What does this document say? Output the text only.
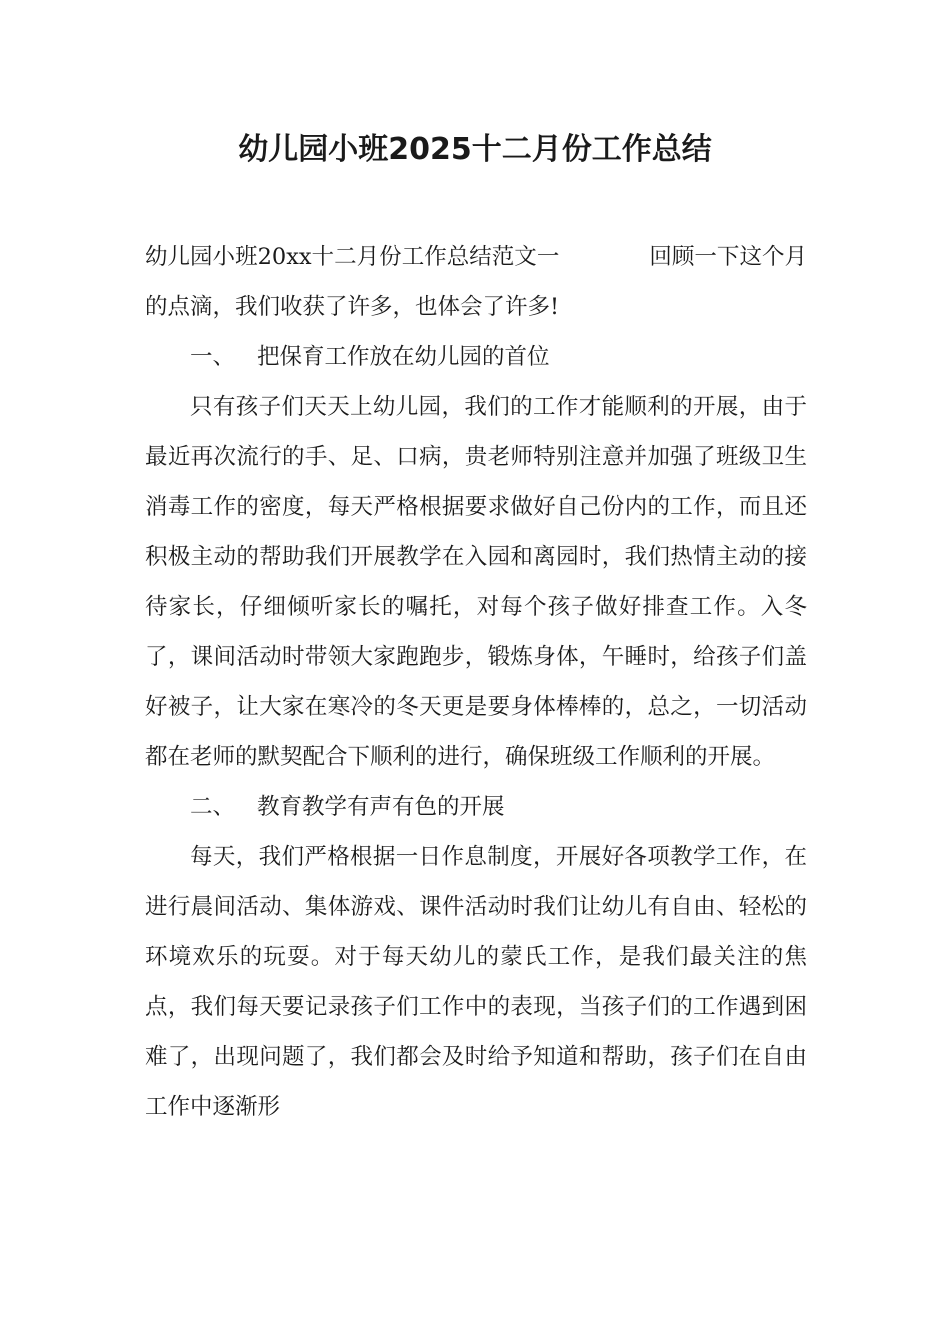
幼儿园小班2025十二月份工作总结

幼儿园小班20xx十二月份工作总结范文一	回顾一下这个月的点滴，我们收获了许多，也体会了许多!

一、 把保育工作放在幼儿园的首位

只有孩子们天天上幼儿园，我们的工作才能顺利的开展，由于最近再次流行的手、足、口病，贵老师特别注意并加强了班级卫生消毒工作的密度，每天严格根据要求做好自己份内的工作，而且还积极主动的帮助我们开展教学在入园和离园时，我们热情主动的接待家长，仔细倾听家长的嘱托，对每个孩子做好排查工作。入冬了，课间活动时带领大家跑跑步，锻炼身体，午睡时，给孩子们盖好被子，让大家在寒冷的冬天更是要身体棒棒的，总之，一切活动都在老师的默契配合下顺利的进行，确保班级工作顺利的开展。

二、 教育教学有声有色的开展

每天，我们严格根据一日作息制度，开展好各项教学工作，在进行晨间活动、集体游戏、课件活动时我们让幼儿有自由、轻松的环境欢乐的玩耍。对于每天幼儿的蒙氏工作，是我们最关注的焦点，我们每天要记录孩子们工作中的表现，当孩子们的工作遇到困难了，出现问题了，我们都会及时给予知道和帮助，孩子们在自由工作中逐渐形
